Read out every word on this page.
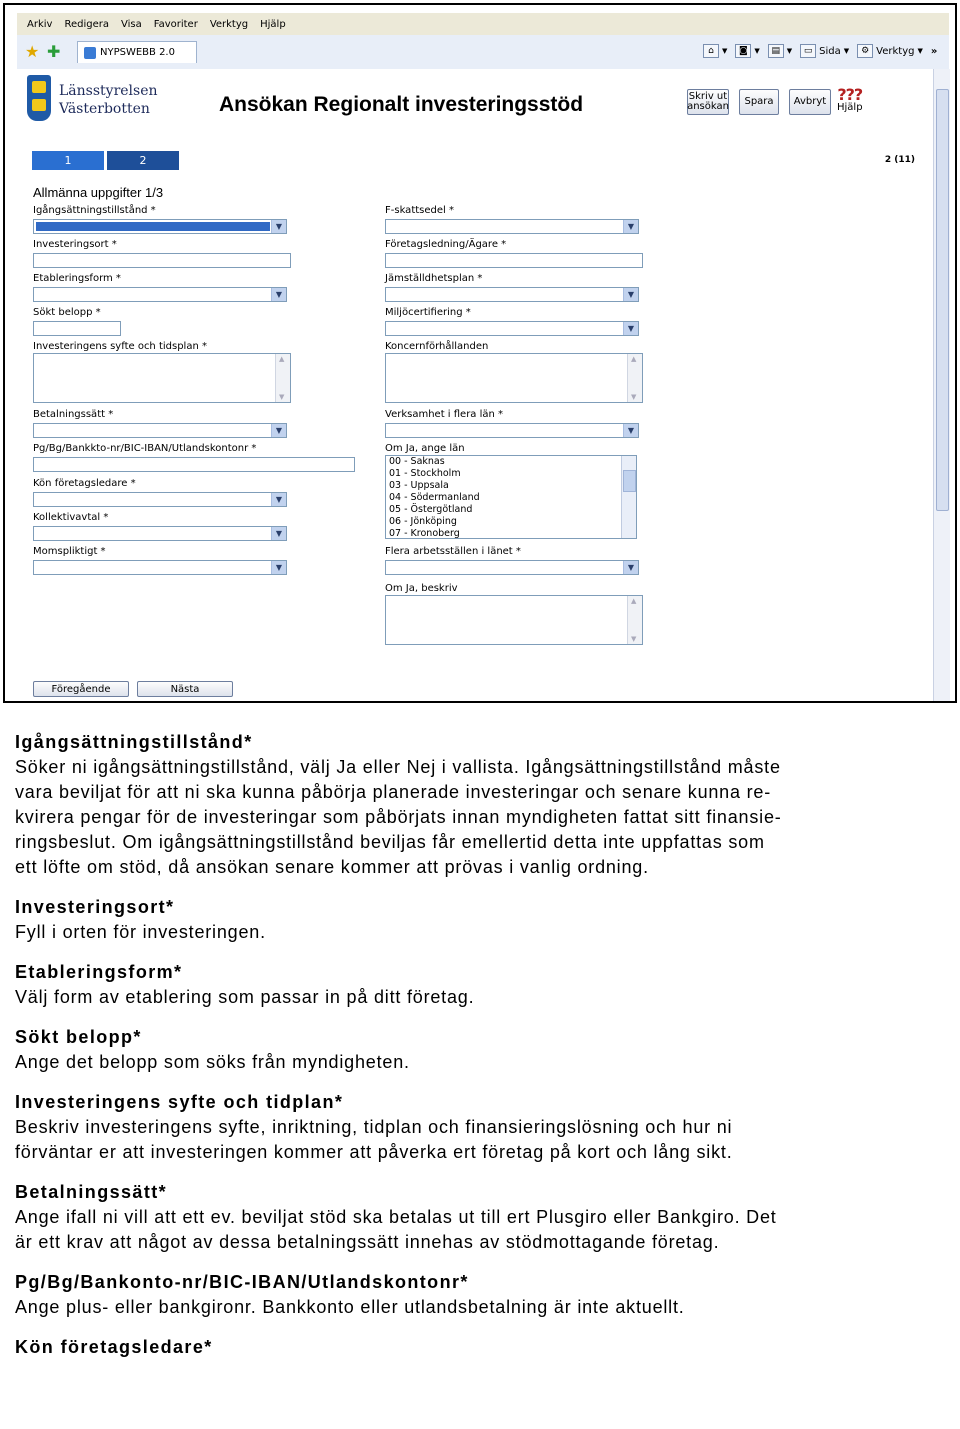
Arkiv Redigera Visa Favoriter Verktyg Hjälp
★ ✚	NYPSWEBB 2.0	⌂	▼	◙ ▼	▤ ▼	▭ Sida ▼	⚙ Verktyg ▼ »
Länsstyrelsen
Västerbotten	Ansökan Regionalt investeringsstöd	Skriv ut ansökan	Spara	Avbryt ???
Hjälp
1	2	2 (11)
Allmänna uppgifter 1/3
Igångsättningstillstånd *
▼
Investeringsort *
Etableringsform *
▼
Sökt belopp *
Investeringens syfte och tidsplan *
▲ ▼
Betalningssätt *
▼
Pg/Bg/Bankkto-nr/BIC-IBAN/Utlandskontonr *
Kön företagsledare *
▼
Kollektivavtal *
▼
Momspliktigt *
▼
F-skattsedel *
▼
Företagsledning/Ägare *
Jämställdhetsplan *
▼
Miljöcertifiering *
▼
Koncernförhållanden
▲ ▼
Verksamhet i flera län *
▼
Om Ja, ange län
00 - Saknas
01 - Stockholm
03 - Uppsala
04 - Södermanland
05 - Östergötland
06 - Jönköping
07 - Kronoberg
Flera arbetsställen i länet *
▼
Om Ja, beskriv
▲ ▼
Föregående	Nästa
Igångsättningstillstånd*
Söker ni igångsättningstillstånd, välj Ja eller Nej i vallista. Igångsättningstillstånd måste
vara beviljat för att ni ska kunna påbörja planerade investeringar och senare kunna re-
kvirera pengar för de investeringar som påbörjats innan myndigheten fattat sitt finansie-
ringsbeslut. Om igångsättningstillstånd beviljas får emellertid detta inte uppfattas som
ett löfte om stöd, då ansökan senare kommer att prövas i vanlig ordning.
Investeringsort*
Fyll i orten för investeringen.
Etableringsform*
Välj form av etablering som passar in på ditt företag.
Sökt belopp*
Ange det belopp som söks från myndigheten.
Investeringens syfte och tidplan*
Beskriv investeringens syfte, inriktning, tidplan och finansieringslösning och hur ni
förväntar er att investeringen kommer att påverka ert företag på kort och lång sikt.
Betalningssätt*
Ange ifall ni vill att ett ev. beviljat stöd ska betalas ut till ert Plusgiro eller Bankgiro. Det
är ett krav att något av dessa betalningssätt innehas av stödmottagande företag.
Pg/Bg/Bankonto-nr/BIC-IBAN/Utlandskontonr*
Ange plus- eller bankgironr. Bankkonto eller utlandsbetalning är inte aktuellt.
Kön företagsledare*
